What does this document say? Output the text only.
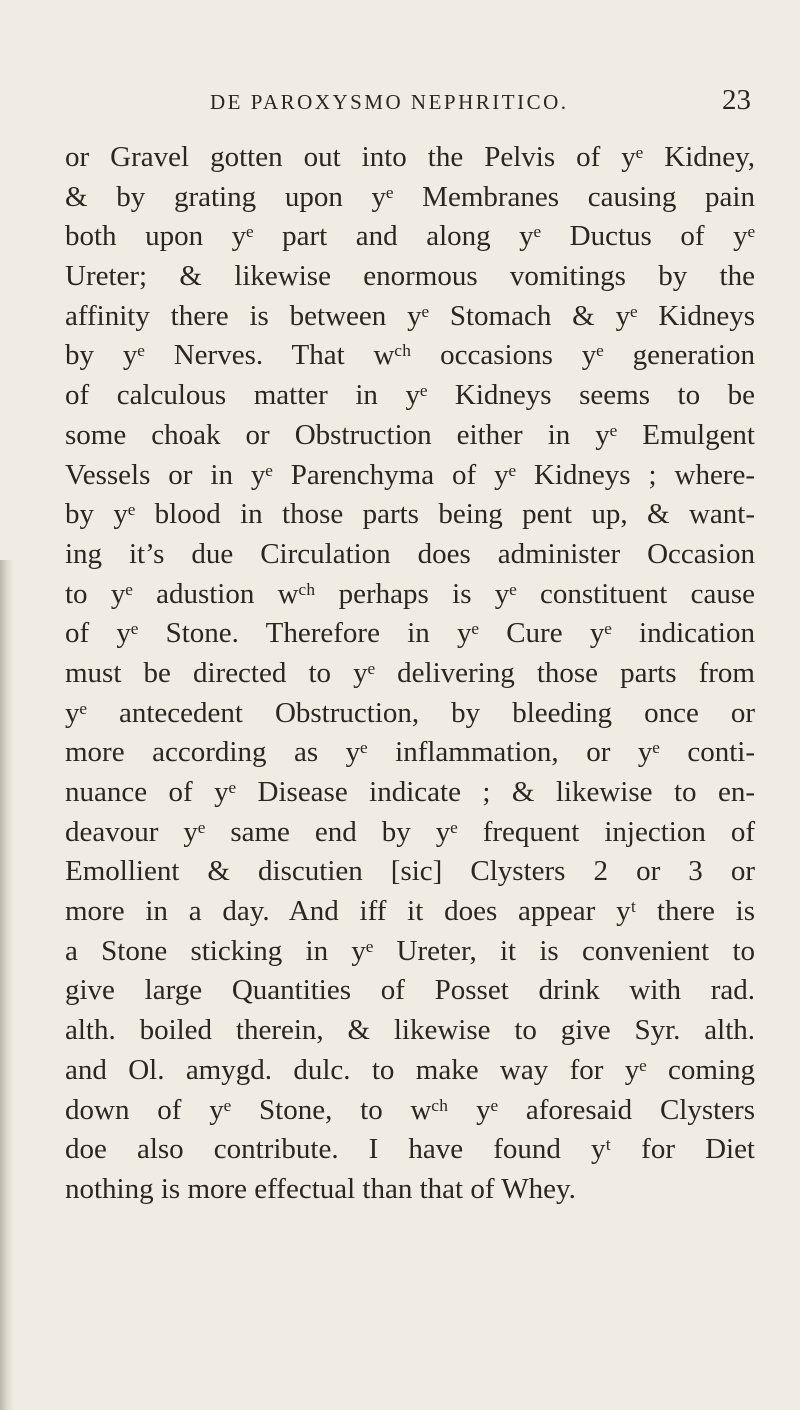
DE PAROXYSMO NEPHRITICO.	23
or Gravel gotten out into the Pelvis of yᵉ Kidney,
& by grating upon yᵉ Membranes causing pain
both upon yᵉ part and along yᵉ Ductus of yᵉ
Ureter; & likewise enormous vomitings by the
affinity there is between yᵉ Stomach & yᵉ Kidneys
by yᵉ Nerves. That wᶜʰ occasions yᵉ generation
of calculous matter in yᵉ Kidneys seems to be
some choak or Obstruction either in yᵉ Emulgent
Vessels or in yᵉ Parenchyma of yᵉ Kidneys ; where-
by yᵉ blood in those parts being pent up, & want-
ing it’s due Circulation does administer Occasion
to yᵉ adustion wᶜʰ perhaps is yᵉ constituent cause
of yᵉ Stone. Therefore in yᵉ Cure yᵉ indication
must be directed to yᵉ delivering those parts from
yᵉ antecedent Obstruction, by bleeding once or
more according as yᵉ inflammation, or yᵉ conti-
nuance of yᵉ Disease indicate ; & likewise to en-
deavour yᵉ same end by yᵉ frequent injection of
Emollient & discutien [sic] Clysters 2 or 3 or
more in a day. And iff it does appear yᵗ there is
a Stone sticking in yᵉ Ureter, it is convenient to
give large Quantities of Posset drink with rad.
alth. boiled therein, & likewise to give Syr. alth.
and Ol. amygd. dulc. to make way for yᵉ coming
down of yᵉ Stone, to wᶜʰ yᵉ aforesaid Clysters
doe also contribute. I have found yᵗ for Diet
nothing is more effectual than that of Whey.
